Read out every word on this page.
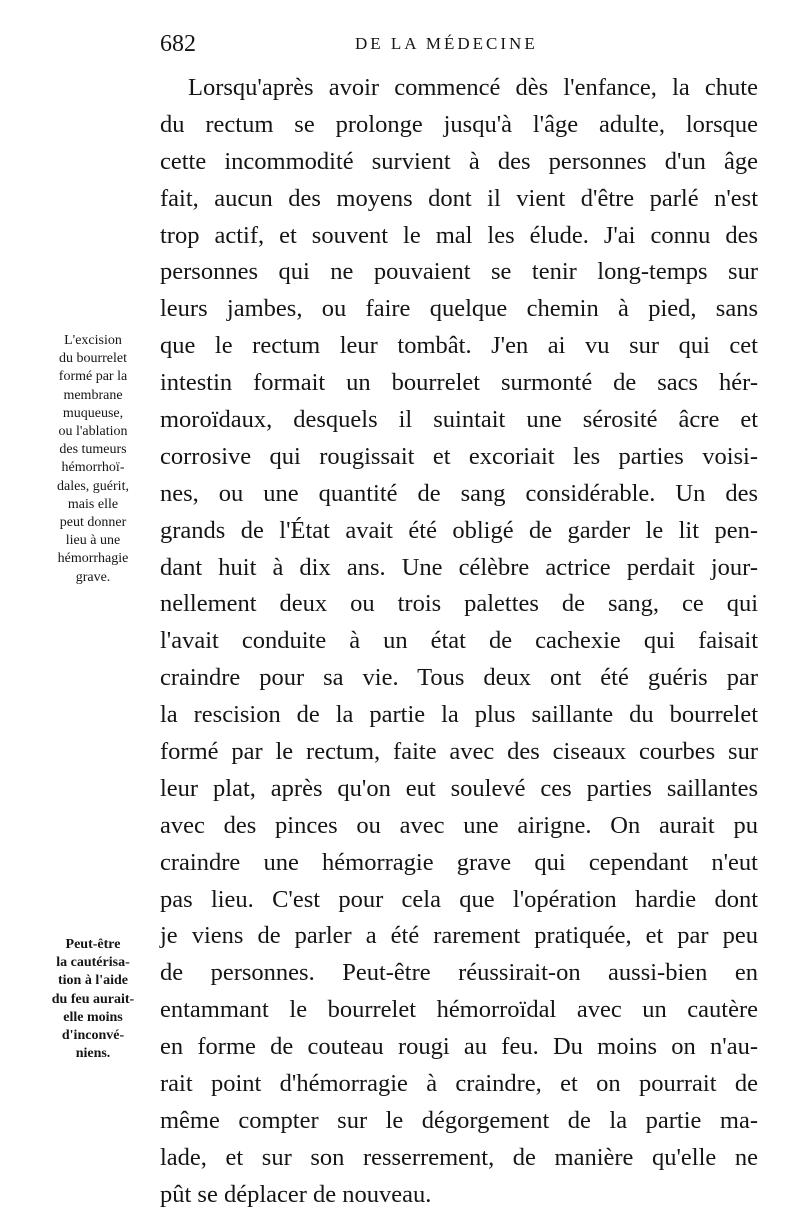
682	DE LA MÉDECINE
Lorsqu'après avoir commencé dès l'enfance, la chute
du rectum se prolonge jusqu'à l'âge adulte, lorsque
cette incommodité survient à des personnes d'un âge
fait, aucun des moyens dont il vient d'être parlé n'est
trop actif, et souvent le mal les élude. J'ai connu des
personnes qui ne pouvaient se tenir long-temps sur
leurs jambes, ou faire quelque chemin à pied, sans
que le rectum leur tombât. J'en ai vu sur qui cet
intestin formait un bourrelet surmonté de sacs hér-
moroïdaux, desquels il suintait une sérosité âcre et
corrosive qui rougissait et excoriait les parties voisi-
nes, ou une quantité de sang considérable. Un des
grands de l'État avait été obligé de garder le lit pen-
dant huit à dix ans. Une célèbre actrice perdait jour-
nellement deux ou trois palettes de sang, ce qui
l'avait conduite à un état de cachexie qui faisait
craindre pour sa vie. Tous deux ont été guéris par
la rescision de la partie la plus saillante du bourrelet
formé par le rectum, faite avec des ciseaux courbes sur
leur plat, après qu'on eut soulevé ces parties saillantes
avec des pinces ou avec une airigne. On aurait pu
craindre une hémorragie grave qui cependant n'eut
pas lieu. C'est pour cela que l'opération hardie dont
je viens de parler a été rarement pratiquée, et par peu
de personnes. Peut-être réussirait-on aussi-bien en
entammant le bourrelet hémorroïdal avec un cautère
en forme de couteau rougi au feu. Du moins on n'au-
rait point d'hémorragie à craindre, et on pourrait de
même compter sur le dégorgement de la partie ma-
lade, et sur son resserrement, de manière qu'elle ne
pût se déplacer de nouveau.
L'excision
du bourrelet
formé par la
membrane
muqueuse,
ou l'ablation
des tumeurs
hémorrhoï-
dales, guérit,
mais elle
peut donner
lieu à une
hémorrhagie
grave.
Peut-être
la cautérisa-
tion à l'aide
du feu aurait-
elle moins
d'inconvé-
niens.
